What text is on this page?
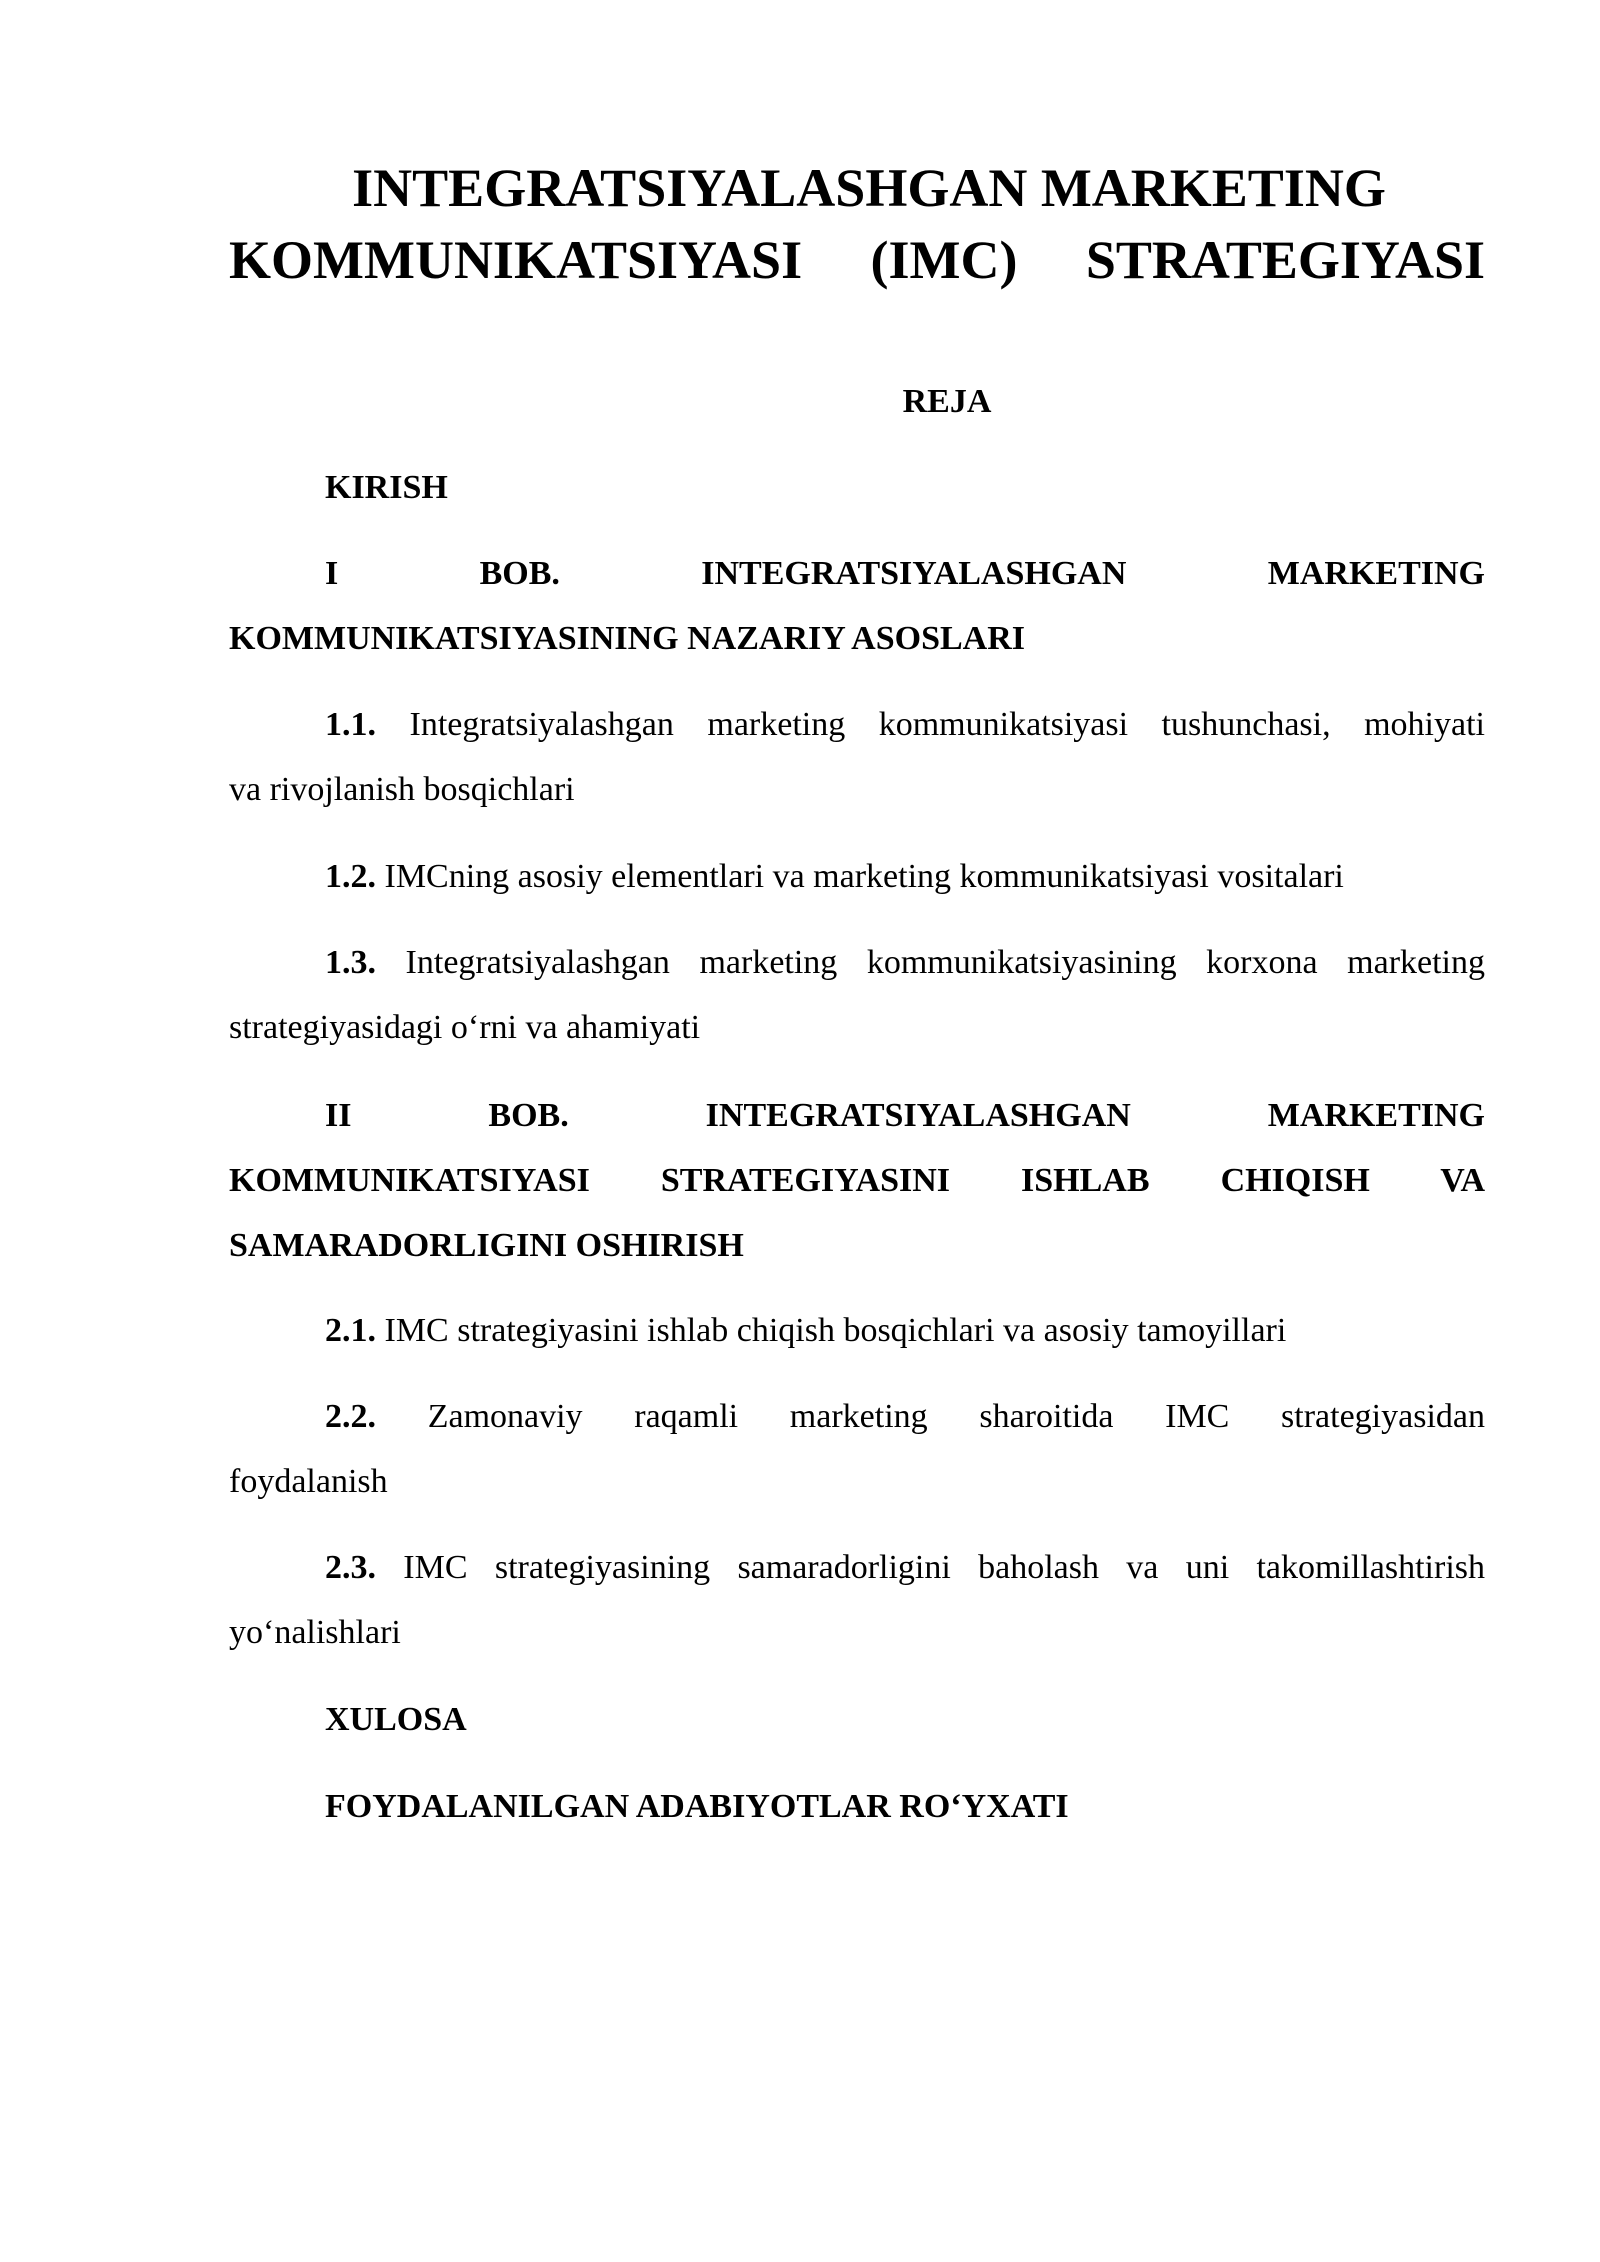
INTEGRATSIYALASHGAN MARKETING
KOMMUNIKATSIYASI (IMC) STRATEGIYASI
REJA
KIRISH
I BOB. INTEGRATSIYALASHGAN MARKETING
KOMMUNIKATSIYASINING NAZARIY ASOSLARI
1.1. Integratsiyalashgan marketing kommunikatsiyasi tushunchasi, mohiyati
va rivojlanish bosqichlari
1.2. IMCning asosiy elementlari va marketing kommunikatsiyasi vositalari
1.3. Integratsiyalashgan marketing kommunikatsiyasining korxona marketing
strategiyasidagi o‘rni va ahamiyati
II BOB. INTEGRATSIYALASHGAN MARKETING
KOMMUNIKATSIYASI STRATEGIYASINI ISHLAB CHIQISH VA
SAMARADORLIGINI OSHIRISH
2.1. IMC strategiyasini ishlab chiqish bosqichlari va asosiy tamoyillari
2.2. Zamonaviy raqamli marketing sharoitida IMC strategiyasidan
foydalanish
2.3. IMC strategiyasining samaradorligini baholash va uni takomillashtirish
yo‘nalishlari
XULOSA
FOYDALANILGAN ADABIYOTLAR RO‘YXATI
